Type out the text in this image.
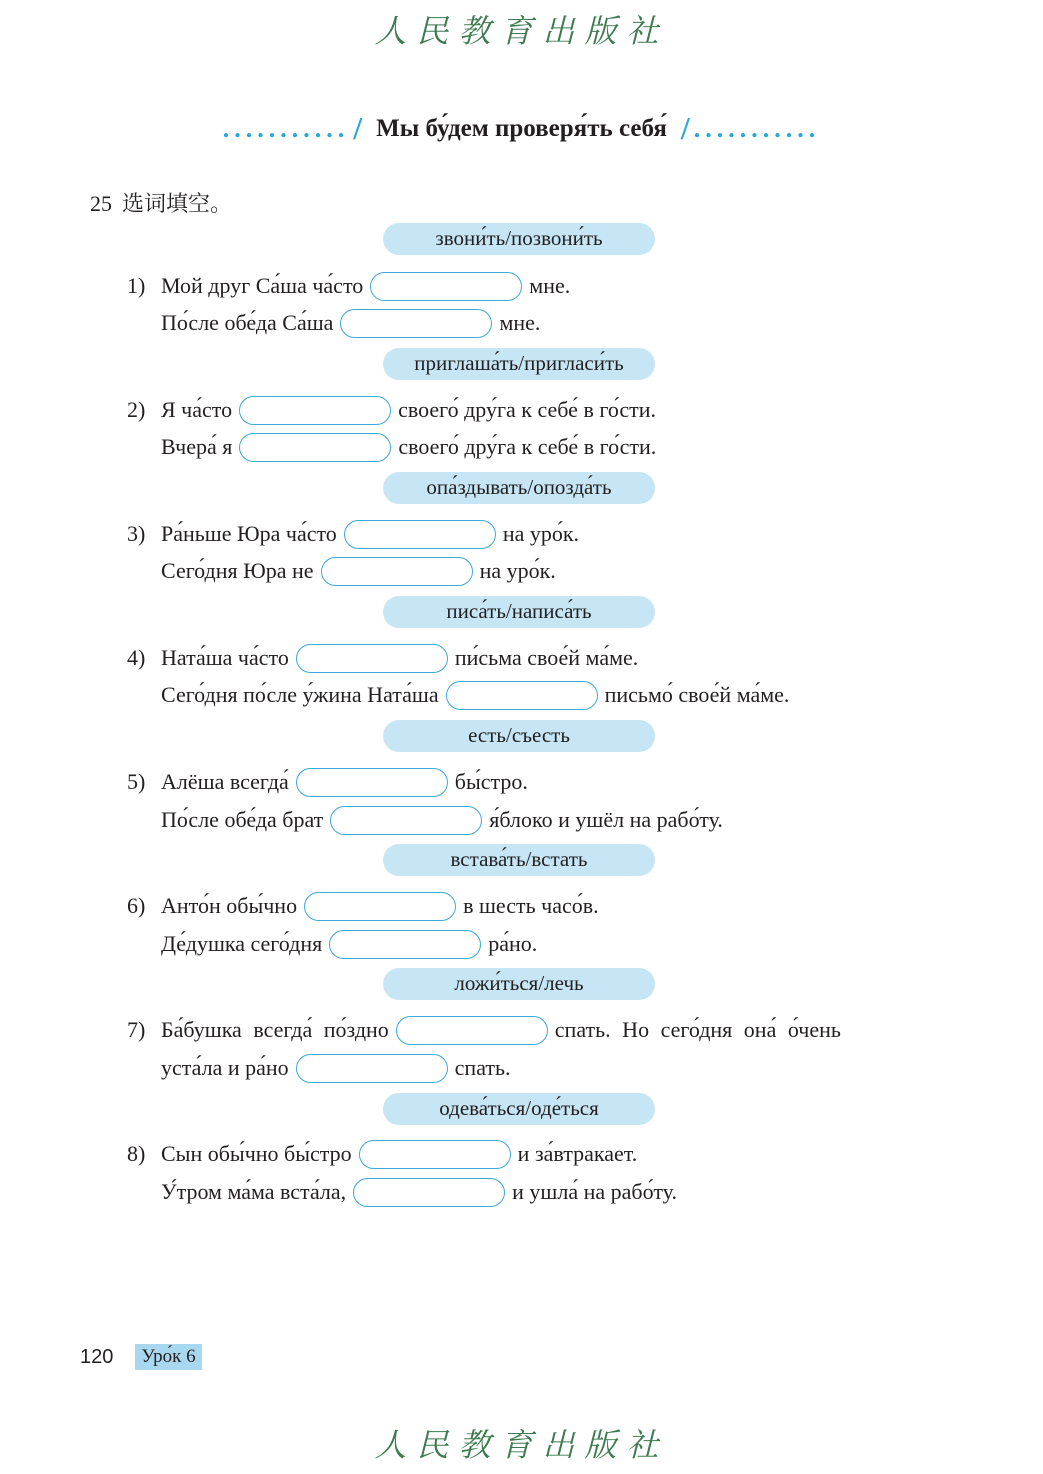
人民教育出版社
........... / Мы бу́дем проверя́ть себя́ / ...........
25 选词填空。
звони́ть/позвони́ть
1) Мой друг Са́ша ча́сто	мне.
По́сле обе́да Са́ша	мне.
приглаша́ть/пригласи́ть
2) Я ча́сто	своего́ дру́га к себе́ в го́сти.
Вчера́ я	своего́ дру́га к себе́ в го́сти.
опа́здывать/опозда́ть
3) Ра́ньше Юра ча́сто	на уро́к.
Сего́дня Юра не	на уро́к.
писа́ть/написа́ть
4) Ната́ша ча́сто	пи́сьма свое́й ма́ме.
Сего́дня по́сле у́жина Ната́ша	письмо́ свое́й ма́ме.
есть/съесть
5) Алёша всегда́	бы́стро.
По́сле обе́да брат	я́блоко и ушёл на рабо́ту.
встава́ть/встать
6) Анто́н обы́чно	в шесть часо́в.
Де́душка сего́дня	ра́но.
ложи́ться/лечь
7) Ба́бушка всегда́ по́здно	спать. Но сего́дня она́ о́чень
уста́ла и ра́но	спать.
одева́ться/оде́ться
8) Сын обы́чно бы́стро	и за́втракает.
У́тром ма́ма вста́ла,	и ушла́ на рабо́ту.
120	Уро́к 6
人民教育出版社
